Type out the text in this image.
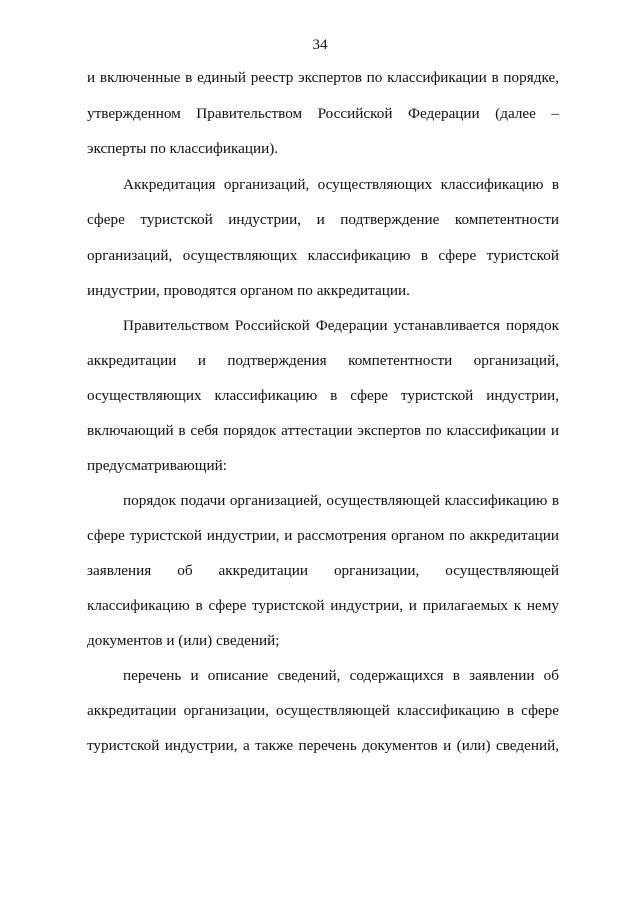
34
и включенные в единый реестр экспертов по классификации в порядке,
утвержденном Правительством Российской Федерации (далее –
эксперты по классификации).
Аккредитация организаций, осуществляющих классификацию в
сфере туристской индустрии, и подтверждение компетентности
организаций, осуществляющих классификацию в сфере туристской
индустрии, проводятся органом по аккредитации.
Правительством Российской Федерации устанавливается порядок
аккредитации и подтверждения компетентности организаций,
осуществляющих классификацию в сфере туристской индустрии,
включающий в себя порядок аттестации экспертов по классификации и
предусматривающий:
порядок подачи организацией, осуществляющей классификацию в
сфере туристской индустрии, и рассмотрения органом по аккредитации
заявления об аккредитации организации, осуществляющей
классификацию в сфере туристской индустрии, и прилагаемых к нему
документов и (или) сведений;
перечень и описание сведений, содержащихся в заявлении об
аккредитации организации, осуществляющей классификацию в сфере
туристской индустрии, а также перечень документов и (или) сведений,
